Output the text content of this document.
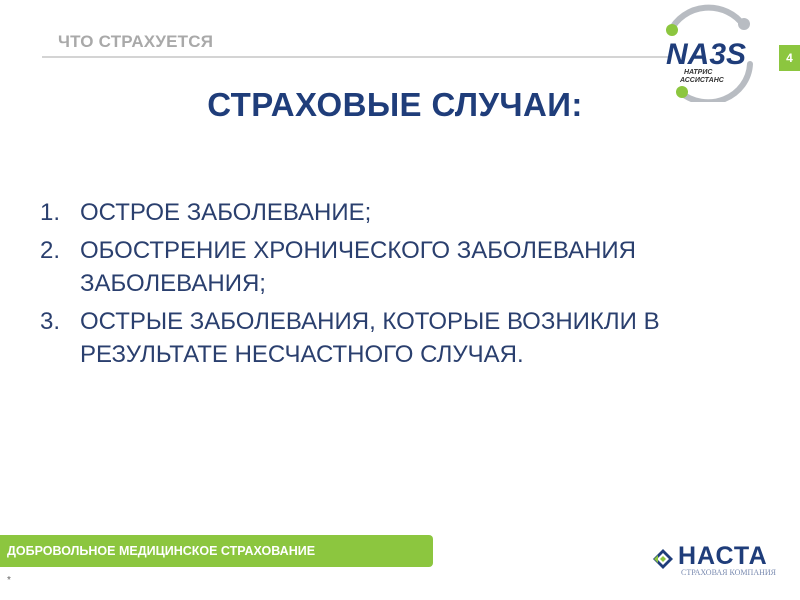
ЧТО СТРАХУЕТСЯ	NA3S
НАТРИС
АССИСТАНС
4
СТРАХОВЫЕ СЛУЧАИ:
1. ОСТРОЕ ЗАБОЛЕВАНИЕ;
2. ОБОСТРЕНИЕ ХРОНИЧЕСКОГО ЗАБОЛЕВАНИЯ ЗАБОЛЕВАНИЯ;
3. ОСТРЫЕ ЗАБОЛЕВАНИЯ, КОТОРЫЕ ВОЗНИКЛИ В РЕЗУЛЬТАТЕ НЕСЧАСТНОГО СЛУЧАЯ.
ДОБРОВОЛЬНОЕ МЕДИЦИНСКОЕ СТРАХОВАНИЕ
*
НАСТА
СТРАХОВАЯ КОМПАНИЯ
